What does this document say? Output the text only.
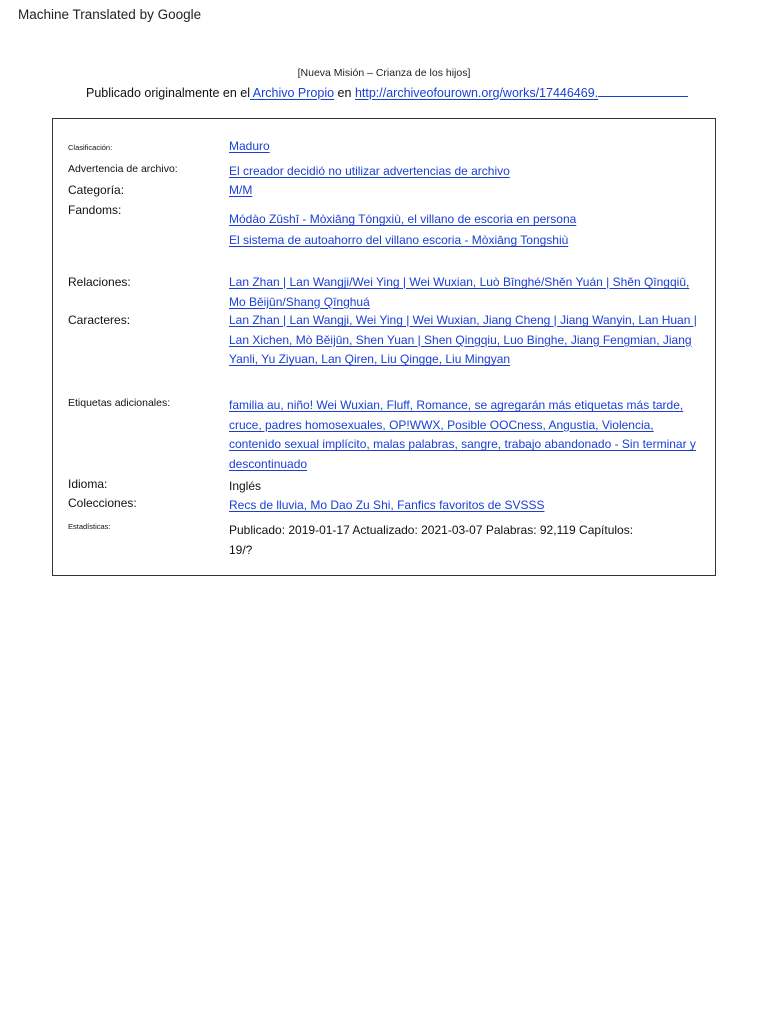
Machine Translated by Google
[Nueva Misión – Crianza de los hijos]
Publicado originalmente en el Archivo Propio en http://archiveofourown.org/works/17446469.
Clasificación:	Maduro
Advertencia de archivo:	El creador decidió no utilizar advertencias de archivo
Categoría:	M/M
Fandoms:
Módào Zǔshī - Mòxiāng Tóngxiù, el villano de escoria en persona
El sistema de autoahorro del villano escoria - Mòxiāng Tongshiù
Relaciones:	Lan Zhan | Lan Wangji/Wei Ying | Wei Wuxian, Luò Bīnghé/Shěn Yuán | Shěn Qīngqiū, Mo Běijūn/Shang Qīnghuá
Caracteres:	Lan Zhan | Lan Wangji, Wei Ying | Wei Wuxian, Jiang Cheng | Jiang Wanyin, Lan Huan | Lan Xichen, Mò Běijūn, Shen Yuan | Shen Qingqiu, Luo Binghe, Jiang Fengmian, Jiang Yanli, Yu Ziyuan, Lan Qiren, Liu Qingge, Liu Mingyan
Etiquetas adicionales:	familia au, niño! Wei Wuxian, Fluff, Romance, se agregarán más etiquetas más tarde, cruce, padres homosexuales, OP!WWX, Posible OOCness, Angustia, Violencia, contenido sexual implícito, malas palabras, sangre, trabajo abandonado - Sin terminar y descontinuado
Idioma:	Inglés
Colecciones:	Recs de lluvia, Mo Dao Zu Shi, Fanfics favoritos de SVSSS
Estadísticas:	Publicado: 2019-01-17 Actualizado: 2021-03-07 Palabras: 92,119 Capítulos: 19/?
